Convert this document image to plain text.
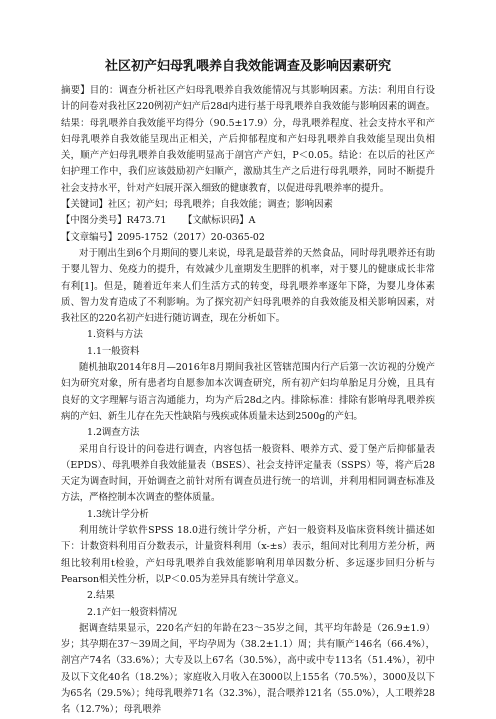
社区初产妇母乳喂养自我效能调查及影响因素研究

摘要】目的：调查分析社区产妇母乳喂养自我效能情况与其影响因素。方法：利用自行设计的问卷对我社区220例初产妇产后28d内进行基于母乳喂养自我效能与影响因素的调查。结果：母乳喂养自我效能平均得分（90.5±17.9）分，母乳喂养程度、社会支持水平和产妇母乳喂养自我效能呈现出正相关，产后抑郁程度和产妇母乳喂养自我效能呈现出负相关，顺产产妇母乳喂养自我效能明显高于剖宫产产妇，P＜0.05。结论：在以后的社区产妇护理工作中，我们应该鼓励初产妇顺产，激励其生产之后进行母乳喂养，同时不断提升社会支持水平，针对产妇展开深入细致的健康教育，以促进母乳喂养率的提升。

【关键词】社区；初产妇；母乳喂养；自我效能；调查；影响因素

【中图分类号】R473.71	【文献标识码】A
【文章编号】2095-1752（2017）20-0365-02

对于刚出生到6个月期间的婴儿来说，母乳是最营养的天然食品，同时母乳喂养还有助于婴儿智力、免疫力的提升，有效减少儿童期发生肥胖的机率，对于婴儿的健康成长非常有利[1]。但是，随着近年来人们生活方式的转变，母乳喂养率逐年下降，为婴儿身体素质、智力发育造成了不利影响。为了探究初产妇母乳喂养的自我效能及相关影响因素，对我社区的220名初产妇进行随访调查，现在分析如下。

1.资料与方法

1.1一般资料

随机抽取2014年8月—2016年8月期间我社区管辖范围内行产后第一次访视的分娩产妇为研究对象，所有患者均自愿参加本次调查研究，所有初产妇均单胎足月分娩，且具有良好的文字理解与语言沟通能力，均为产后28d之内。排除标准：排除有影响母乳喂养疾病的产妇、新生儿存在先天性缺陷与残疾或体质量未达到2500g的产妇。

1.2调查方法

采用自行设计的问卷进行调查，内容包括一般资料、喂养方式、爱丁堡产后抑郁量表（EPDS）、母乳喂养自我效能量表（BSES）、社会支持评定量表（SSPS）等，将产后28天定为调查时间，开始调查之前针对所有调查员进行统一的培训，并利用相同调查标准及方法，严格控制本次调查的整体质量。

1.3统计学分析

利用统计学软件SPSS 18.0进行统计学分析，产妇一般资料及临床资料统计描述如下：计数资料利用百分数表示，计量资料利用（x-±s）表示，组间对比利用方差分析，两组比较利用t检验，产妇母乳喂养自我效能影响利用单因数分析、多远逐步回归分析与Pearson相关性分析，以P＜0.05为差异具有统计学意义。

2.结果

2.1产妇一般资料情况

据调查结果显示，220名产妇的年龄在23～35岁之间，其平均年龄是（26.9±1.9）岁；其孕期在37～39周之间，平均孕周为（38.2±1.1）周；共有顺产146名（66.4%），剖宫产74名（33.6%）；大专及以上67名（30.5%），高中或中专113名（51.4%），初中及以下文化40名（18.2%）；家庭收入月收入在3000以上155名（70.5%），3000及以下为65名（29.5%）；纯母乳喂养71名（32.3%），混合喂养121名（55.0%），人工喂养28名（12.7%）；母乳喂养
